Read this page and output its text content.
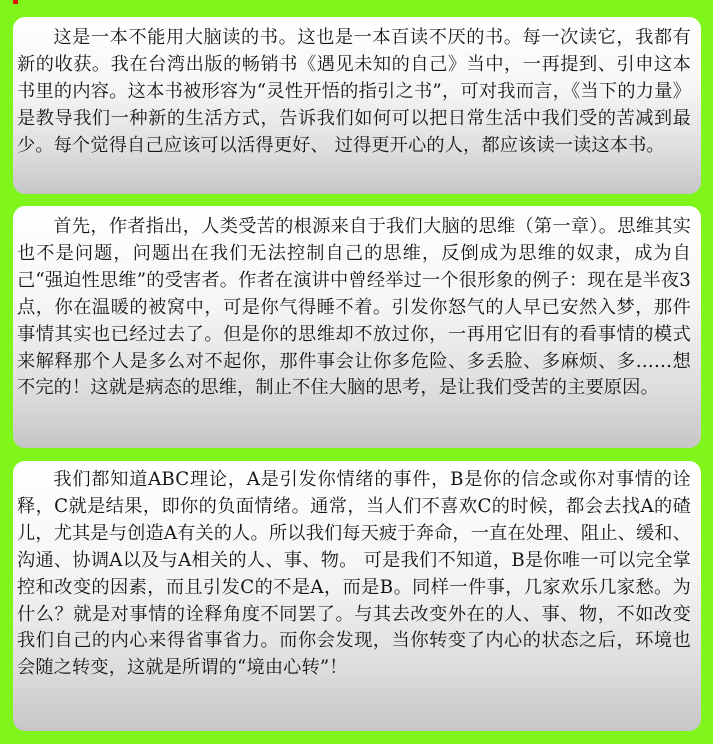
这是一本不能用大脑读的书。这也是一本百读不厌的书。每一次读它，我都有新的收获。我在台湾出版的畅销书《遇见未知的自己》当中，一再提到、引申这本书里的内容。这本书被形容为“灵性开悟的指引之书”，可对我而言，《当下的力量》是教导我们一种新的生活方式，告诉我们如何可以把日常生活中我们受的苦减到最少。每个觉得自己应该可以活得更好、 过得更开心的人，都应该读一读这本书。

首先，作者指出，人类受苦的根源来自于我们大脑的思维（第一章）。思维其实也不是问题，问题出在我们无法控制自己的思维，反倒成为思维的奴隶，成为自己“强迫性思维”的受害者。作者在演讲中曾经举过一个很形象的例子：现在是半夜3点，你在温暖的被窝中，可是你气得睡不着。引发你怒气的人早已安然入梦，那件事情其实也已经过去了。但是你的思维却不放过你，一再用它旧有的看事情的模式来解释那个人是多么对不起你，那件事会让你多危险、多丢脸、多麻烦、多……想不完的！这就是病态的思维，制止不住大脑的思考，是让我们受苦的主要原因。

我们都知道ABC理论，A是引发你情绪的事件，B是你的信念或你对事情的诠释，C就是结果，即你的负面情绪。通常，当人们不喜欢C的时候，都会去找A的碴儿，尤其是与创造A有关的人。所以我们每天疲于奔命，一直在处理、阻止、缓和、沟通、协调A以及与A相关的人、事、物。 可是我们不知道，B是你唯一可以完全掌控和改变的因素，而且引发C的不是A，而是B。同样一件事，几家欢乐几家愁。为什么？就是对事情的诠释角度不同罢了。与其去改变外在的人、事、物，不如改变我们自己的内心来得省事省力。而你会发现，当你转变了内心的状态之后，环境也会随之转变，这就是所谓的“境由心转”！
